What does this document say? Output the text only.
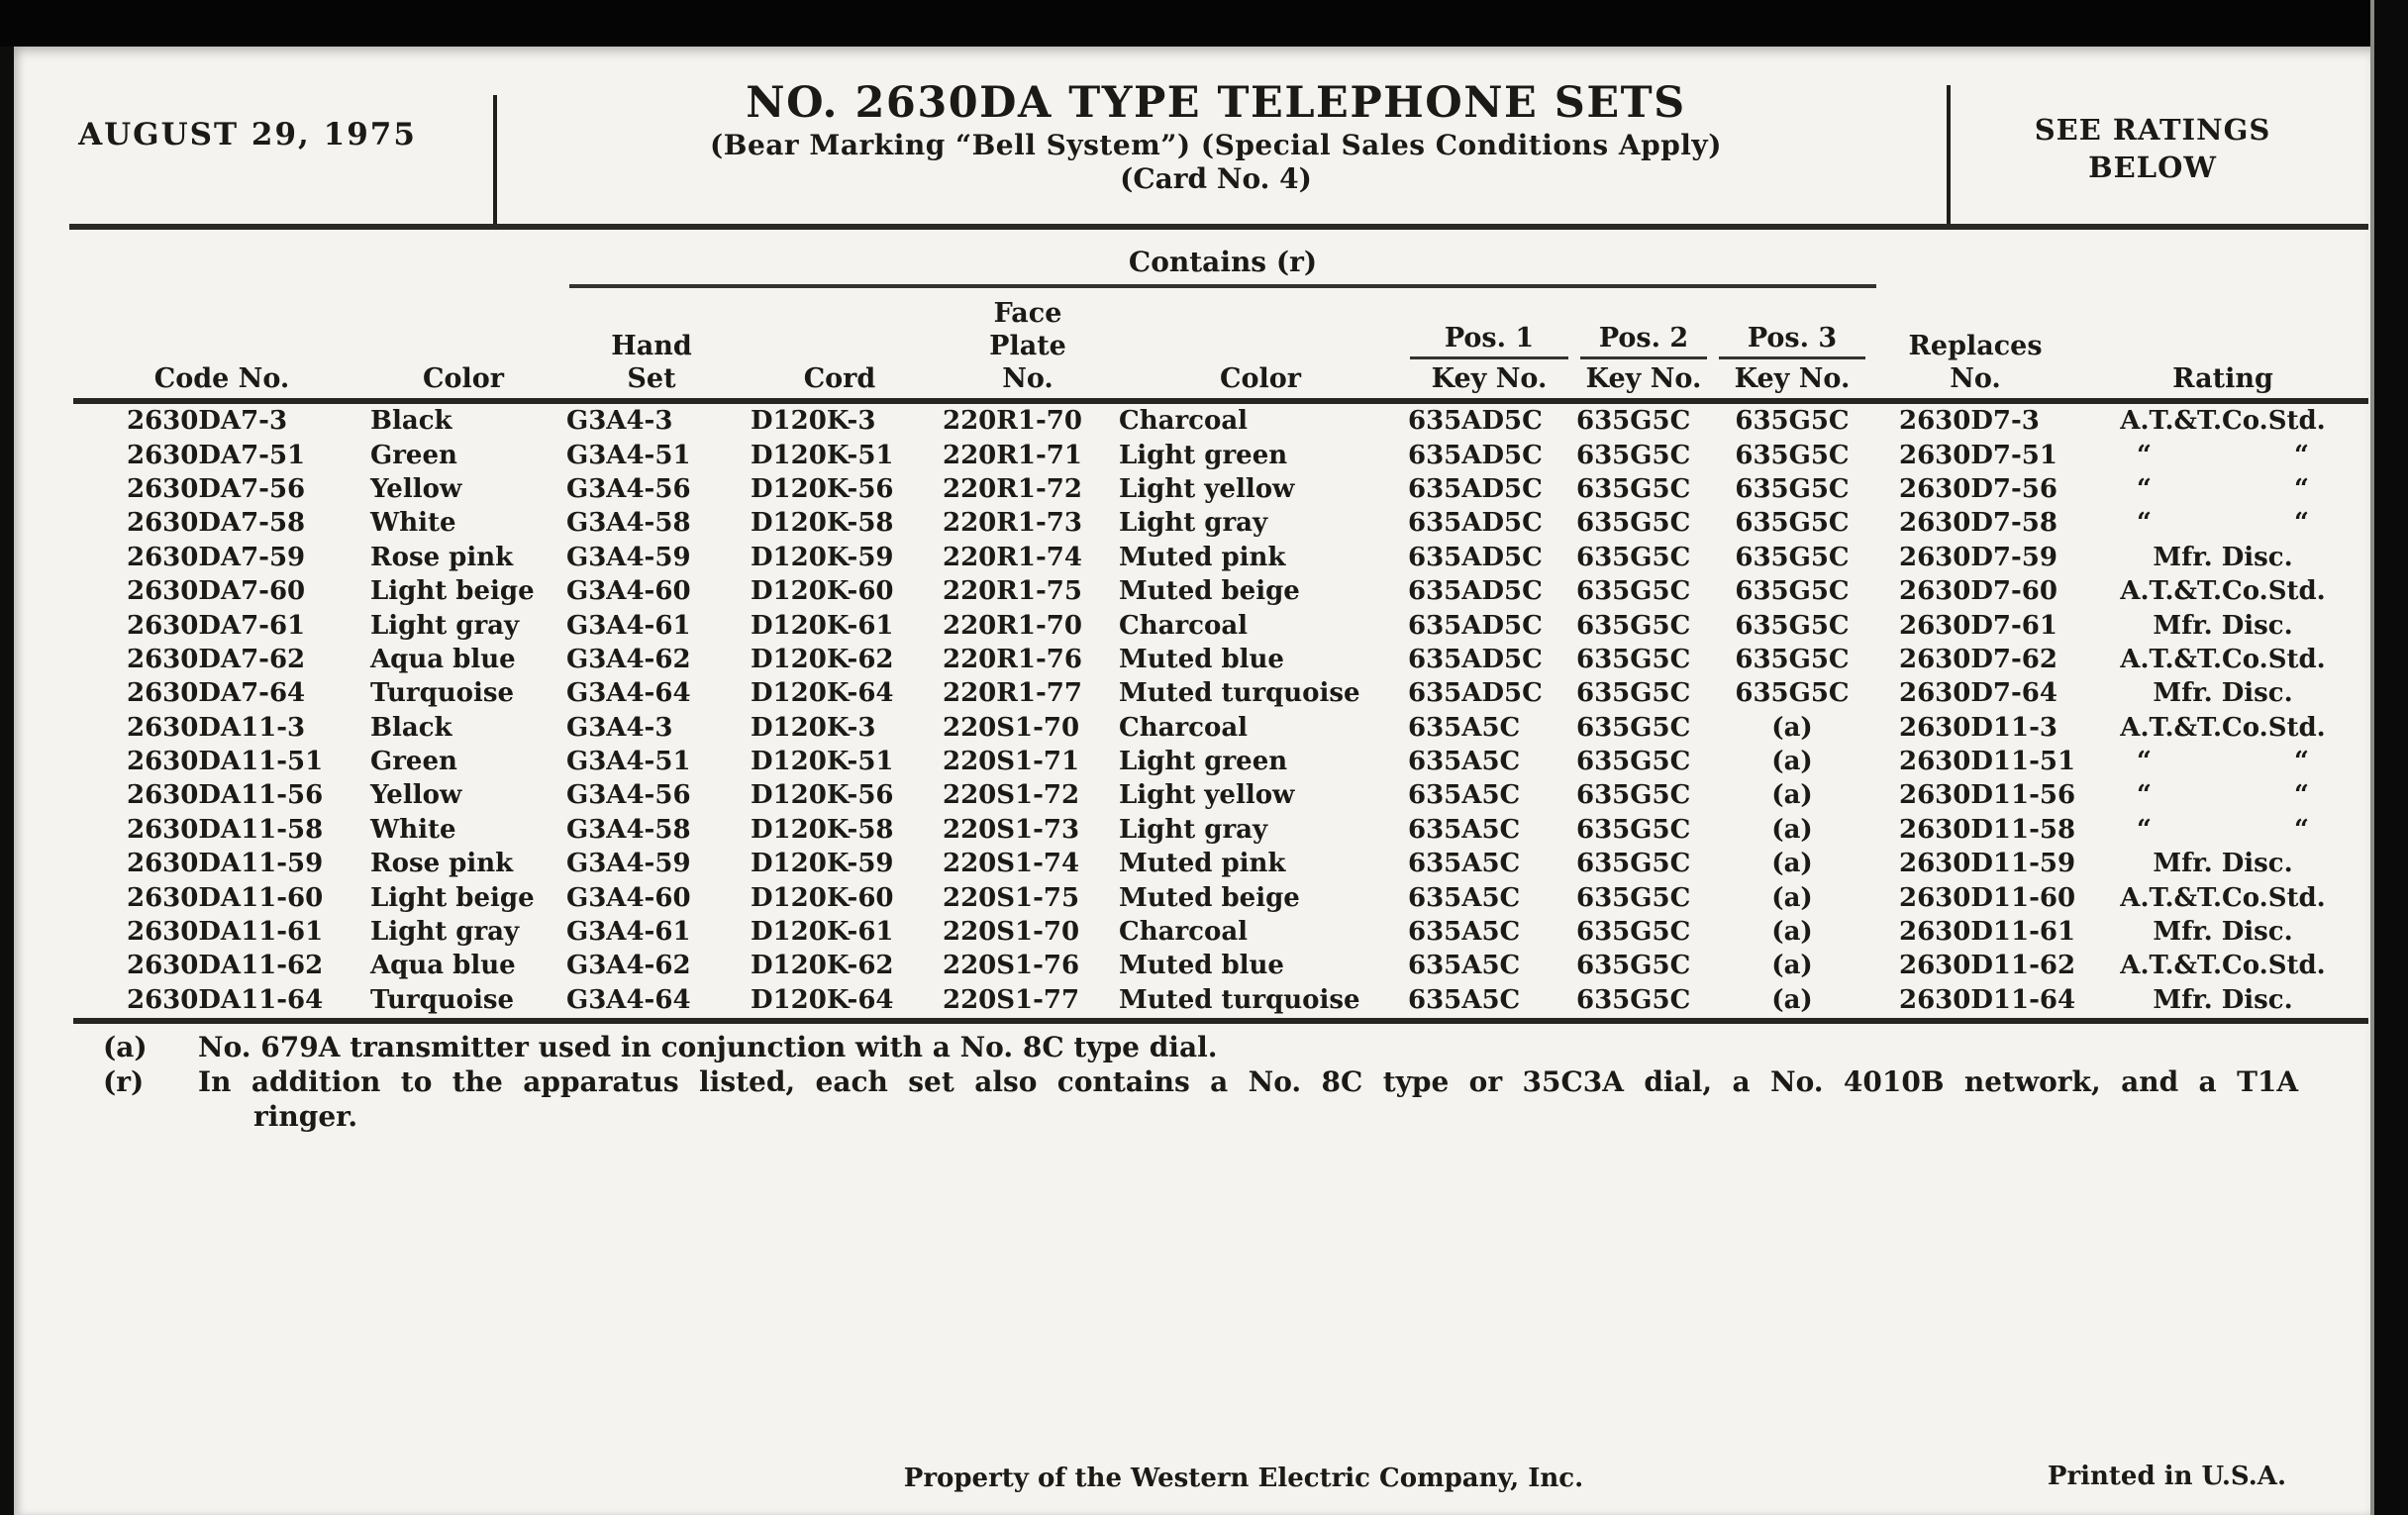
AUGUST 29, 1975
NO. 2630DA TYPE TELEPHONE SETS
(Bear Marking “Bell System”) (Special Sales Conditions Apply)
(Card No. 4)
SEE RATINGS
BELOW
Contains (r)
Code No.	Color
Hand
Set	Cord
Face
Plate
No.	Color
Pos. 1
Key No.
Pos. 2
Key No.
Pos. 3
Key No.
Replaces
No.	Rating
2630DA7-3	Black	G3A4-3	D120K-3	220R1-70	Charcoal	635AD5C	635G5C	635G5C	2630D7-3	A.T.&T.Co.Std.
2630DA7-51	Green	G3A4-51	D120K-51	220R1-71	Light green	635AD5C	635G5C	635G5C	2630D7-51	“	“
2630DA7-56	Yellow	G3A4-56	D120K-56	220R1-72	Light yellow	635AD5C	635G5C	635G5C	2630D7-56	“	“
2630DA7-58	White	G3A4-58	D120K-58	220R1-73	Light gray	635AD5C	635G5C	635G5C	2630D7-58	“	“
2630DA7-59	Rose pink	G3A4-59	D120K-59	220R1-74	Muted pink	635AD5C	635G5C	635G5C	2630D7-59	Mfr. Disc.
2630DA7-60	Light beige	G3A4-60	D120K-60	220R1-75	Muted beige	635AD5C	635G5C	635G5C	2630D7-60	A.T.&T.Co.Std.
2630DA7-61	Light gray	G3A4-61	D120K-61	220R1-70	Charcoal	635AD5C	635G5C	635G5C	2630D7-61	Mfr. Disc.
2630DA7-62	Aqua blue	G3A4-62	D120K-62	220R1-76	Muted blue	635AD5C	635G5C	635G5C	2630D7-62	A.T.&T.Co.Std.
2630DA7-64	Turquoise	G3A4-64	D120K-64	220R1-77	Muted turquoise	635AD5C	635G5C	635G5C	2630D7-64	Mfr. Disc.
2630DA11-3	Black	G3A4-3	D120K-3	220S1-70	Charcoal	635A5C	635G5C	(a)	2630D11-3	A.T.&T.Co.Std.
2630DA11-51	Green	G3A4-51	D120K-51	220S1-71	Light green	635A5C	635G5C	(a)	2630D11-51 “	“
2630DA11-56	Yellow	G3A4-56	D120K-56	220S1-72	Light yellow	635A5C	635G5C	(a)	2630D11-56 “	“
2630DA11-58	White	G3A4-58	D120K-58	220S1-73	Light gray	635A5C	635G5C	(a)	2630D11-58 “	“
2630DA11-59	Rose pink	G3A4-59	D120K-59	220S1-74	Muted pink	635A5C	635G5C	(a)	2630D11-59	Mfr. Disc.
2630DA11-60	Light beige	G3A4-60	D120K-60	220S1-75	Muted beige	635A5C	635G5C	(a)	2630D11-60	A.T.&T.Co.Std.
2630DA11-61	Light gray	G3A4-61	D120K-61	220S1-70	Charcoal	635A5C	635G5C	(a)	2630D11-61	Mfr. Disc.
2630DA11-62	Aqua blue	G3A4-62	D120K-62	220S1-76	Muted blue	635A5C	635G5C	(a)	2630D11-62	A.T.&T.Co.Std.
2630DA11-64	Turquoise	G3A4-64	D120K-64	220S1-77	Muted turquoise	635A5C	635G5C	(a)	2630D11-64	Mfr. Disc.
(a)	No. 679A transmitter used in conjunction with a No. 8C type dial.
(r)	In addition to the apparatus listed, each set also contains a No. 8C type or 35C3A dial, a No. 4010B network, and a T1A
ringer.
Property of the Western Electric Company, Inc.	Printed in U.S.A.
